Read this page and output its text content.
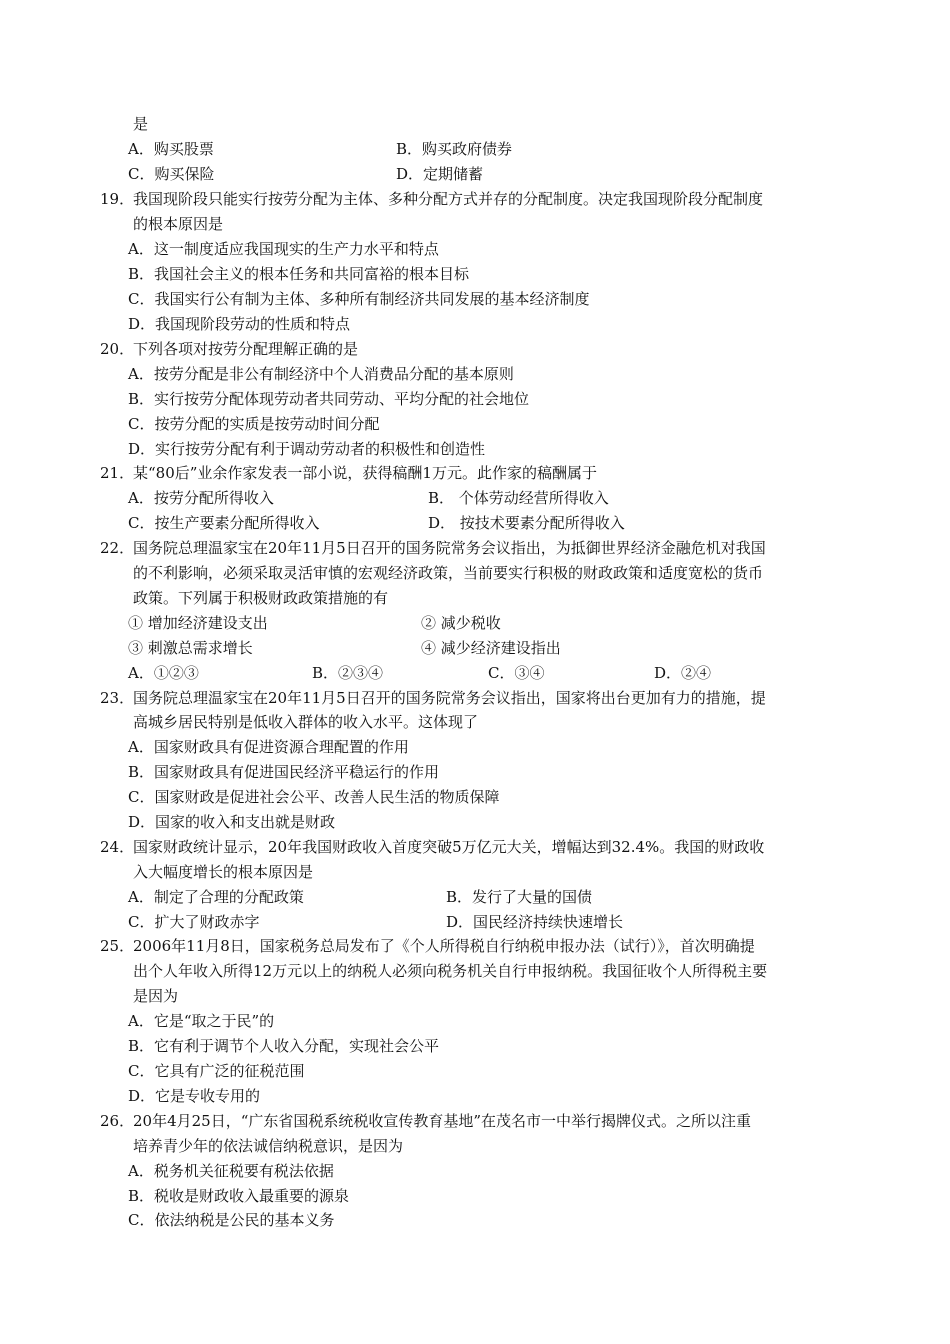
是
A．购买股票	B．购买政府债券
C．购买保险	D．定期储蓄
19．
我国现阶段只能实行按劳分配为主体、多种分配方式并存的分配制度。决定我国现阶段分配制度
的根本原因是
A．这一制度适应我国现实的生产力水平和特点
B．我国社会主义的根本任务和共同富裕的根本目标
C．我国实行公有制为主体、多种所有制经济共同发展的基本经济制度
D．我国现阶段劳动的性质和特点
20．
下列各项对按劳分配理解正确的是
A．按劳分配是非公有制经济中个人消费品分配的基本原则
B．实行按劳分配体现劳动者共同劳动、平均分配的社会地位
C．按劳分配的实质是按劳动时间分配
D．实行按劳分配有利于调动劳动者的积极性和创造性
21．
某“80后”业余作家发表一部小说，获得稿酬1万元。此作家的稿酬属于
A．按劳分配所得收入	B． 个体劳动经营所得收入
C．按生产要素分配所得收入	D． 按技术要素分配所得收入
22．
国务院总理温家宝在20年11月5日召开的国务院常务会议指出，为抵御世界经济金融危机对我国
的不利影响，必须采取灵活审慎的宏观经济政策，当前要实行积极的财政政策和适度宽松的货币
政策。下列属于积极财政政策措施的有
① 增加经济建设支出	② 减少税收
③ 刺激总需求增长	④ 减少经济建设指出
A．①②③	B．②③④	C．③④	D．②④
23．
国务院总理温家宝在20年11月5日召开的国务院常务会议指出，国家将出台更加有力的措施，提
高城乡居民特别是低收入群体的收入水平。这体现了
A．国家财政具有促进资源合理配置的作用
B．国家财政具有促进国民经济平稳运行的作用
C．国家财政是促进社会公平、改善人民生活的物质保障
D．国家的收入和支出就是财政
24．
国家财政统计显示，20年我国财政收入首度突破5万亿元大关，增幅达到32.4%。我国的财政收
入大幅度增长的根本原因是
A．制定了合理的分配政策	B．发行了大量的国债
C．扩大了财政赤字	D．国民经济持续快速增长
25．
2006年11月8日，国家税务总局发布了《个人所得税自行纳税申报办法（试行）》，首次明确提
出个人年收入所得12万元以上的纳税人必须向税务机关自行申报纳税。我国征收个人所得税主要
是因为
A．它是“取之于民”的
B．它有利于调节个人收入分配，实现社会公平
C．它具有广泛的征税范围
D．它是专收专用的
26．
20年4月25日，“广东省国税系统税收宣传教育基地”在茂名市一中举行揭牌仪式。之所以注重
培养青少年的依法诚信纳税意识，是因为
A．税务机关征税要有税法依据
B．税收是财政收入最重要的源泉
C．依法纳税是公民的基本义务
